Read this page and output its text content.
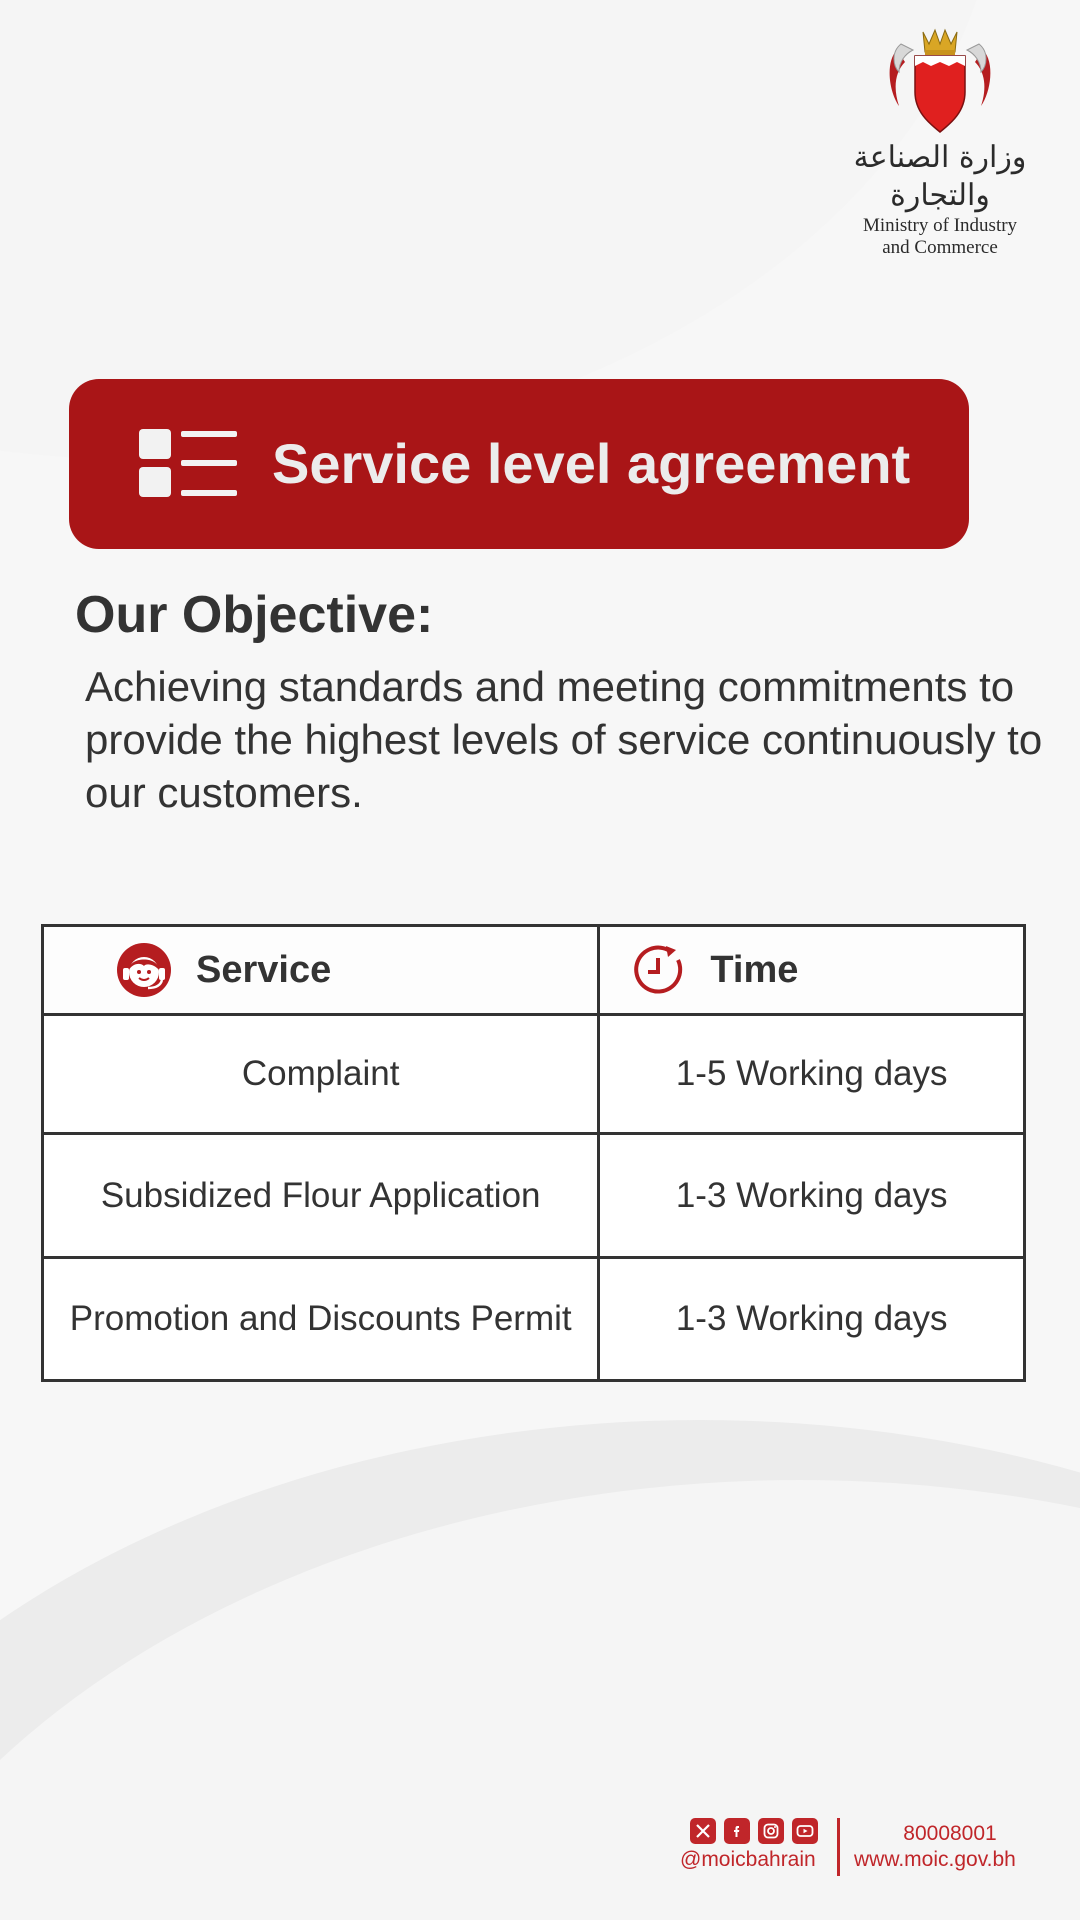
وزارة الصناعة والتجارة
Ministry of Industry
and Commerce
Service level agreement
Our Objective:
Achieving standards and meeting commitments to provide the highest levels of service continuously to our customers.
Service	Time

Complaint	1-5 Working days
Subsidized Flour Application	1-3 Working days
Promotion and Discounts Permit	1-3 Working days
@moicbahrain
80008001
www.moic.gov.bh
